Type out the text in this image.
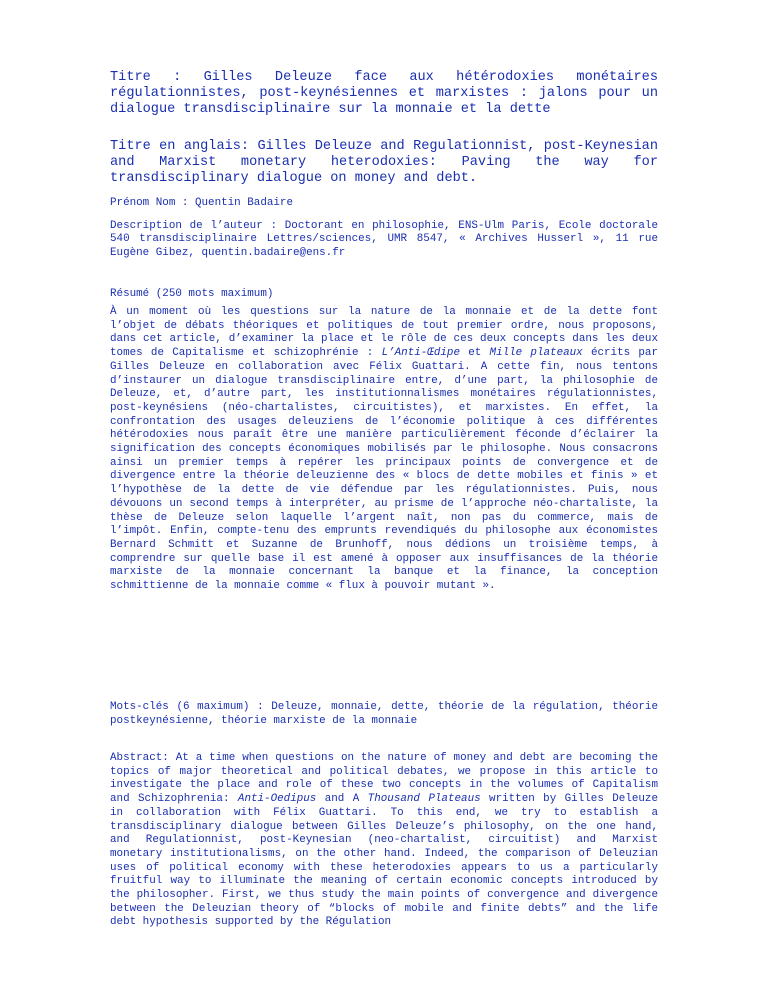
Titre : Gilles Deleuze face aux hétérodoxies monétaires régulationnistes, post-keynésiennes et marxistes : jalons pour un dialogue transdisciplinaire sur la monnaie et la dette

Titre en anglais: Gilles Deleuze and Regulationnist, post-Keynesian and Marxist monetary heterodoxies: Paving the way for transdisciplinary dialogue on money and debt.

Prénom Nom : Quentin Badaire

Description de l’auteur : Doctorant en philosophie, ENS-Ulm Paris, Ecole doctorale 540 transdisciplinaire Lettres/sciences, UMR 8547, « Archives Husserl », 11 rue Eugène Gibez, quentin.badaire@ens.fr

Résumé (250 mots maximum)

À un moment où les questions sur la nature de la monnaie et de la dette font l’objet de débats théoriques et politiques de tout premier ordre, nous proposons, dans cet article, d’examiner la place et le rôle de ces deux concepts dans les deux tomes de Capitalisme et schizophrénie : L’Anti-Œdipe et Mille plateaux écrits par Gilles Deleuze en collaboration avec Félix Guattari. A cette fin, nous tentons d’instaurer un dialogue transdisciplinaire entre, d’une part, la philosophie de Deleuze, et, d’autre part, les institutionnalismes monétaires régulationnistes, post-keynésiens (néo-chartalistes, circuitistes), et marxistes. En effet, la confrontation des usages deleuziens de l’économie politique à ces différentes hétérodoxies nous paraît être une manière particulièrement féconde d’éclairer la signification des concepts économiques mobilisés par le philosophe. Nous consacrons ainsi un premier temps à repérer les principaux points de convergence et de divergence entre la théorie deleuzienne des « blocs de dette mobiles et finis » et l’hypothèse de la dette de vie défendue par les régulationnistes. Puis, nous dévouons un second temps à interpréter, au prisme de l’approche néo-chartaliste, la thèse de Deleuze selon laquelle l’argent naît, non pas du commerce, mais de l’impôt. Enfin, compte-tenu des emprunts revendiqués du philosophe aux économistes Bernard Schmitt et Suzanne de Brunhoff, nous dédions un troisième temps, à comprendre sur quelle base il est amené à opposer aux insuffisances de la théorie marxiste de la monnaie concernant la banque et la finance, la conception schmittienne de la monnaie comme « flux à pouvoir mutant ».

Mots-clés (6 maximum) : Deleuze, monnaie, dette, théorie de la régulation, théorie postkeynésienne, théorie marxiste de la monnaie

Abstract: At a time when questions on the nature of money and debt are becoming the topics of major theoretical and political debates, we propose in this article to investigate the place and role of these two concepts in the volumes of Capitalism and Schizophrenia: Anti-Oedipus and A Thousand Plateaus written by Gilles Deleuze in collaboration with Félix Guattari. To this end, we try to establish a transdisciplinary dialogue between Gilles Deleuze’s philosophy, on the one hand, and Regulationnist, post-Keynesian (neo-chartalist, circuitist) and Marxist monetary institutionalisms, on the other hand. Indeed, the comparison of Deleuzian uses of political economy with these heterodoxies appears to us a particularly fruitful way to illuminate the meaning of certain economic concepts introduced by the philosopher. First, we thus study the main points of convergence and divergence between the Deleuzian theory of “blocks of mobile and finite debts” and the life debt hypothesis supported by the Régulation
